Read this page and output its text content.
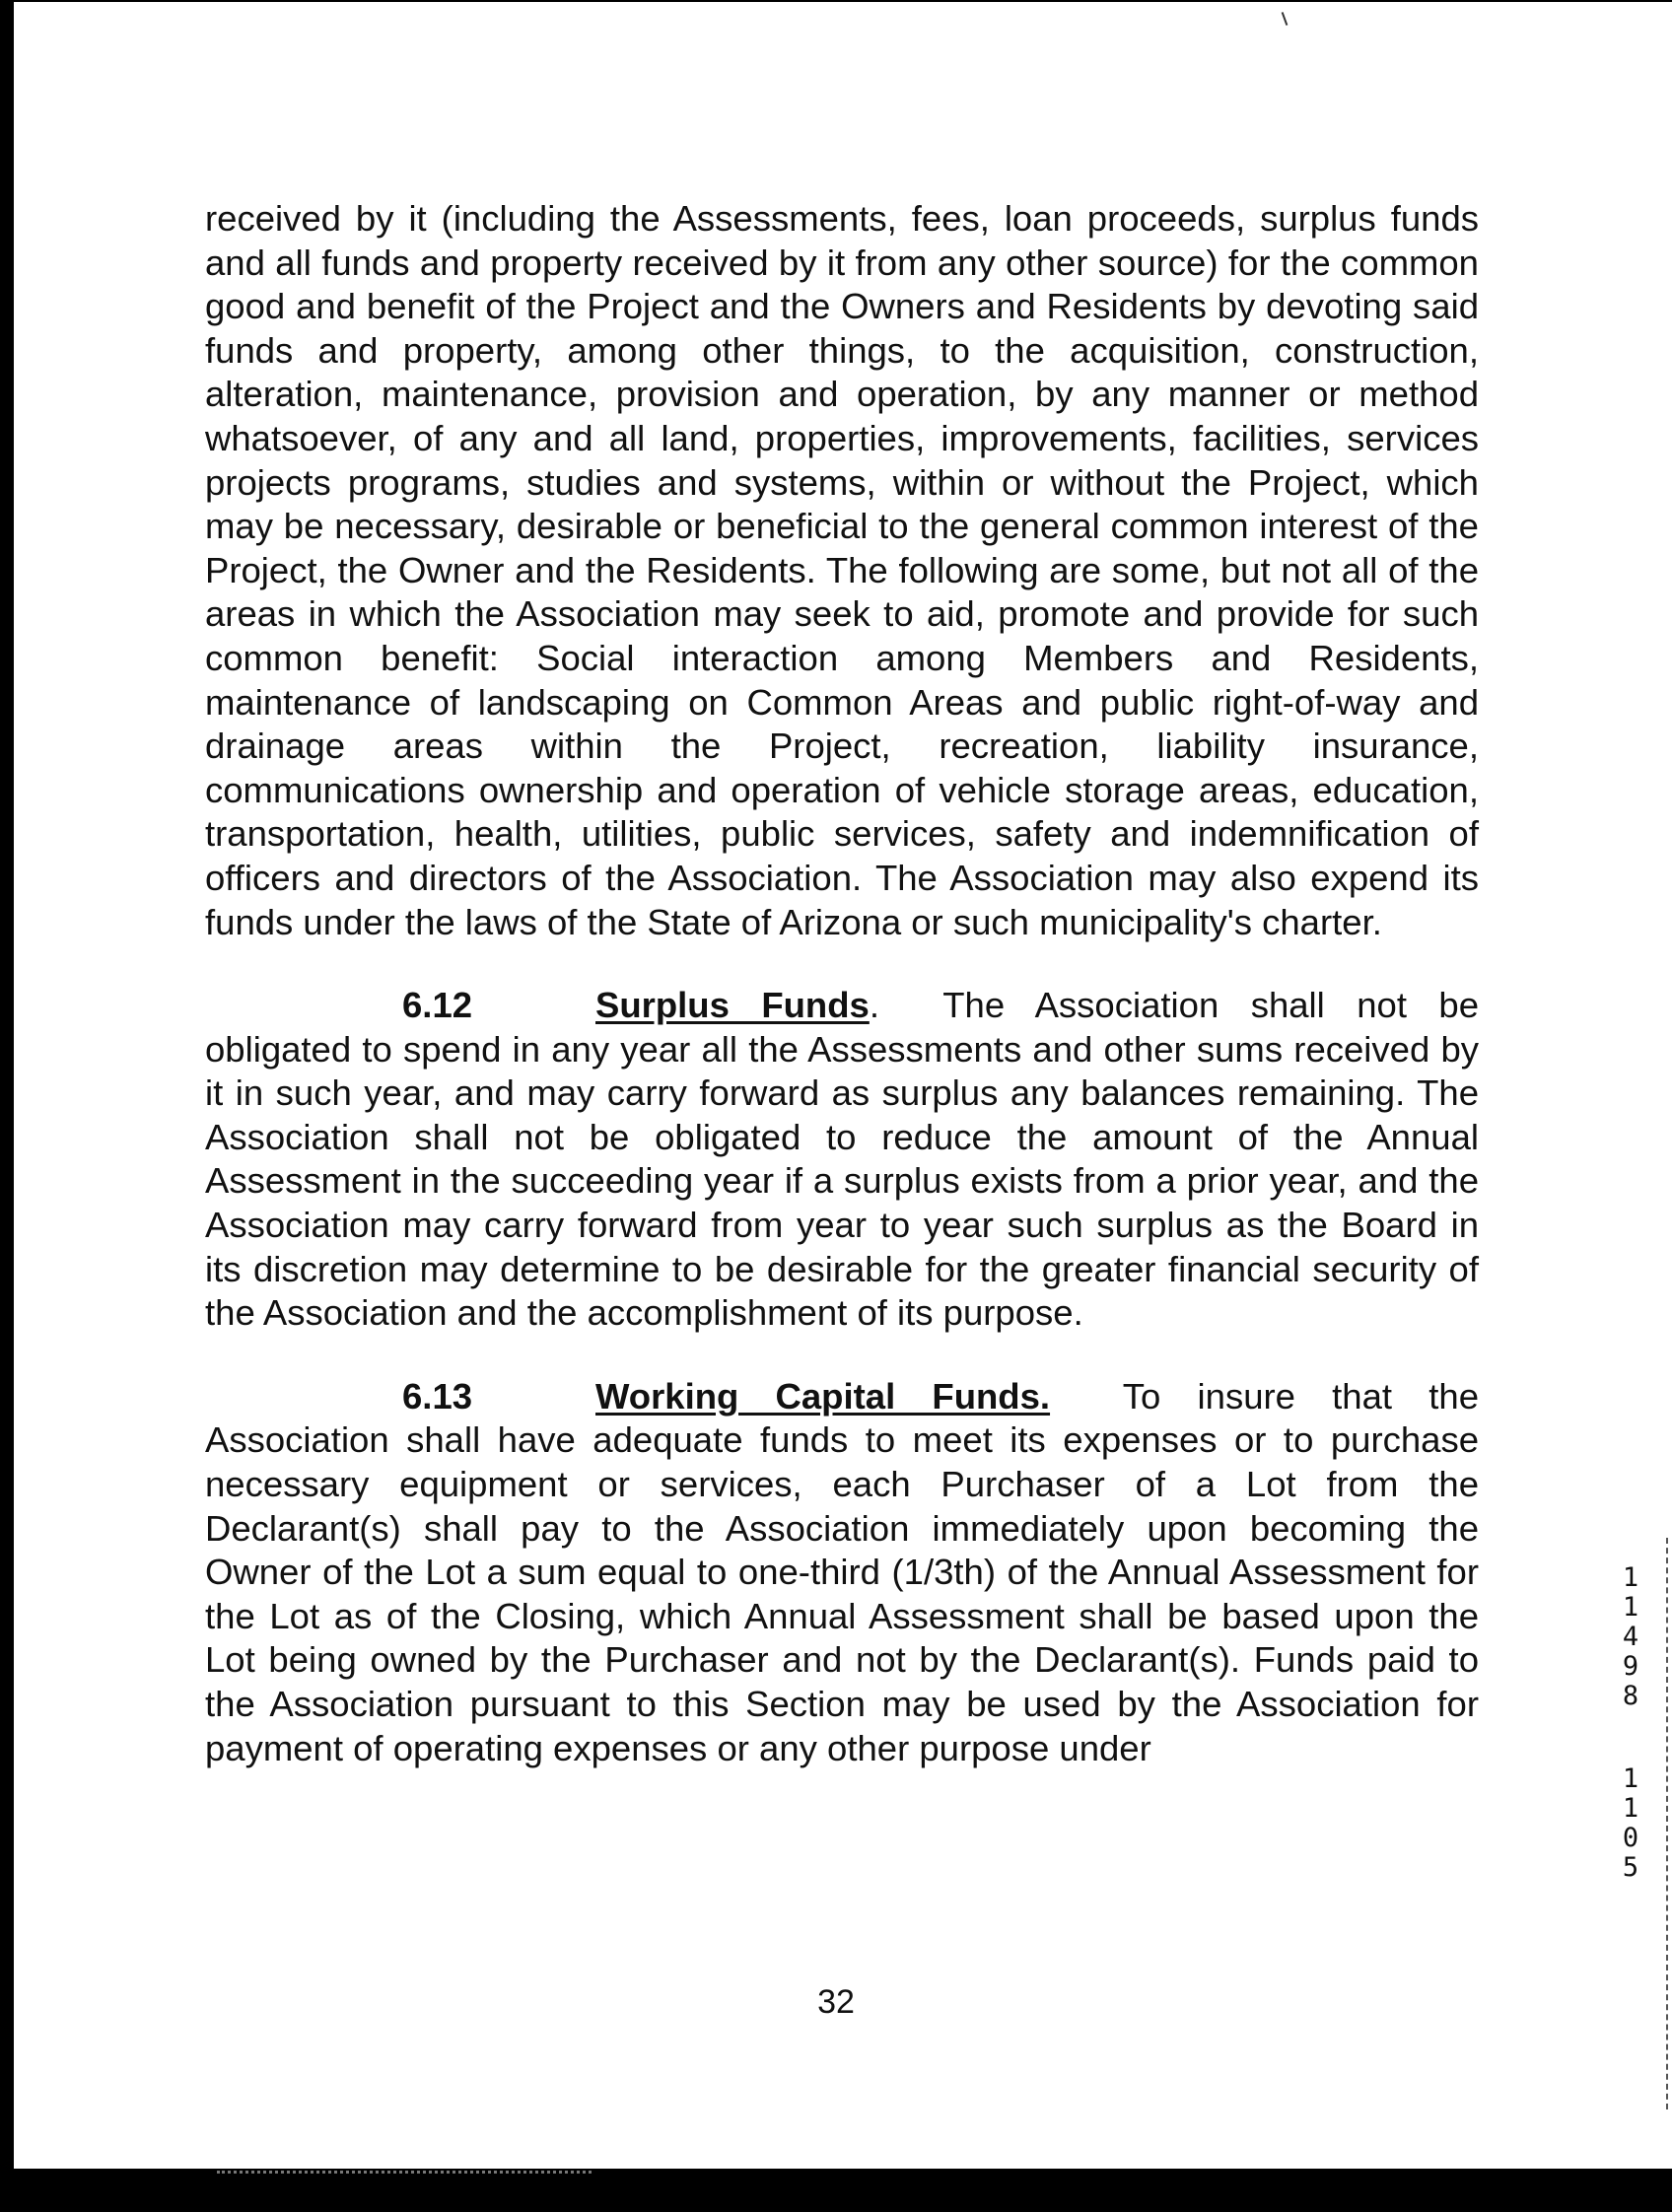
received by it (including the Assessments, fees, loan proceeds, surplus funds and all funds and property received by it from any other source) for the common good and benefit of the Project and the Owners and Residents by devoting said funds and property, among other things, to the acquisition, construction, alteration, maintenance, provision and operation, by any manner or method whatsoever, of any and all land, properties, improvements, facilities, services projects programs, studies and systems, within or without the Project, which may be necessary, desirable or beneficial to the general common interest of the Project, the Owner and the Residents. The following are some, but not all of the areas in which the Association may seek to aid, promote and provide for such common benefit: Social interaction among Members and Residents, maintenance of landscaping on Common Areas and public right-of-way and drainage areas within the Project, recreation, liability insurance, communications ownership and operation of vehicle storage areas, education, transportation, health, utilities, public services, safety and indemnification of officers and directors of the Association. The Association may also expend its funds under the laws of the State of Arizona or such municipality's charter.

6.12	Surplus Funds. The Association shall not be obligated to spend in any year all the Assessments and other sums received by it in such year, and may carry forward as surplus any balances remaining. The Association shall not be obligated to reduce the amount of the Annual Assessment in the succeeding year if a surplus exists from a prior year, and the Association may carry forward from year to year such surplus as the Board in its discretion may determine to be desirable for the greater financial security of the Association and the accomplishment of its purpose.

6.13	Working Capital Funds. To insure that the Association shall have adequate funds to meet its expenses or to purchase necessary equipment or services, each Purchaser of a Lot from the Declarant(s) shall pay to the Association immediately upon becoming the Owner of the Lot a sum equal to one-third (1/3th) of the Annual Assessment for the Lot as of the Closing, which Annual Assessment shall be based upon the Lot being owned by the Purchaser and not by the Declarant(s). Funds paid to the Association pursuant to this Section may be used by the Association for payment of operating expenses or any other purpose under

32
1
1
4
9
8
1
1
0
5
